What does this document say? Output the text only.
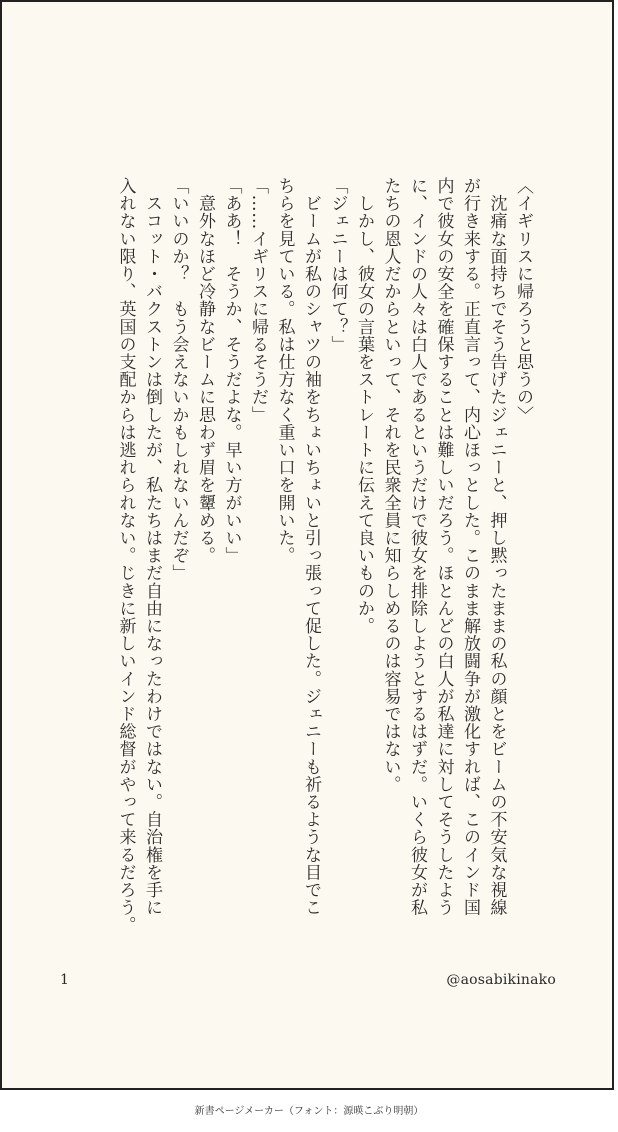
〈イギリスに帰ろうと思うの〉
　沈痛な面持ちでそう告げたジェニーと、押し黙ったままの私の顔とをビームの不安気な視線
が行き来する。正直言って、内心ほっとした。このまま解放闘争が激化すれば、このインド国
内で彼女の安全を確保することは難しいだろう。ほとんどの白人が私達に対してそうしたよう
に、インドの人々は白人であるというだけで彼女を排除しようとするはずだ。いくら彼女が私
たちの恩人だからといって、それを民衆全員に知らしめるのは容易ではない。
　しかし、彼女の言葉をストレートに伝えて良いものか。
「ジェニーは何て？」
　ビームが私のシャツの袖をちょいちょいと引っ張って促した。ジェニーも祈るような目でこ
ちらを見ている。私は仕方なく重い口を開いた。
「……イギリスに帰るそうだ」
「ああ！　そうか、そうだよな。早い方がいい」
　意外なほど冷静なビームに思わず眉を顰める。
「いいのか？　もう会えないかもしれないんだぞ」
　スコット・バクストンは倒したが、私たちはまだ自由になったわけではない。自治権を手に
入れない限り、英国の支配からは逃れられない。じきに新しいインド総督がやって来るだろう。
1	@aosabikinako
新書ページメーカー（フォント：源暎こぶり明朝）
